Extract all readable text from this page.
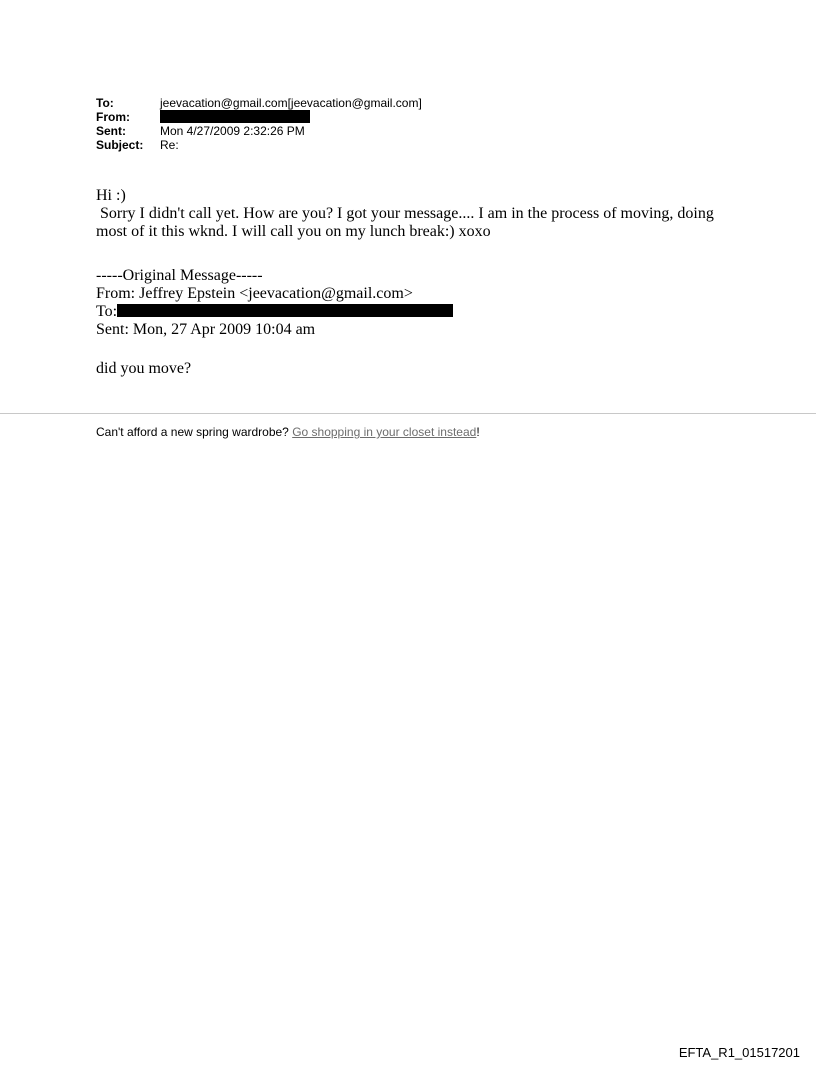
To:	jeevacation@gmail.com[jeevacation@gmail.com]
From:
Sent:	Mon 4/27/2009 2:32:26 PM
Subject:	Re:

Hi :)

Sorry I didn't call yet. How are you? I got your message.... I am in the process of moving, doing most of it this wknd. I will call you on my lunch break:) xoxo

-----Original Message-----
From: Jeffrey Epstein <jeevacation@gmail.com>
To:
Sent: Mon, 27 Apr 2009 10:04 am
did you move?
Can't afford a new spring wardrobe? Go shopping in your closet instead!
EFTA_R1_01517201
